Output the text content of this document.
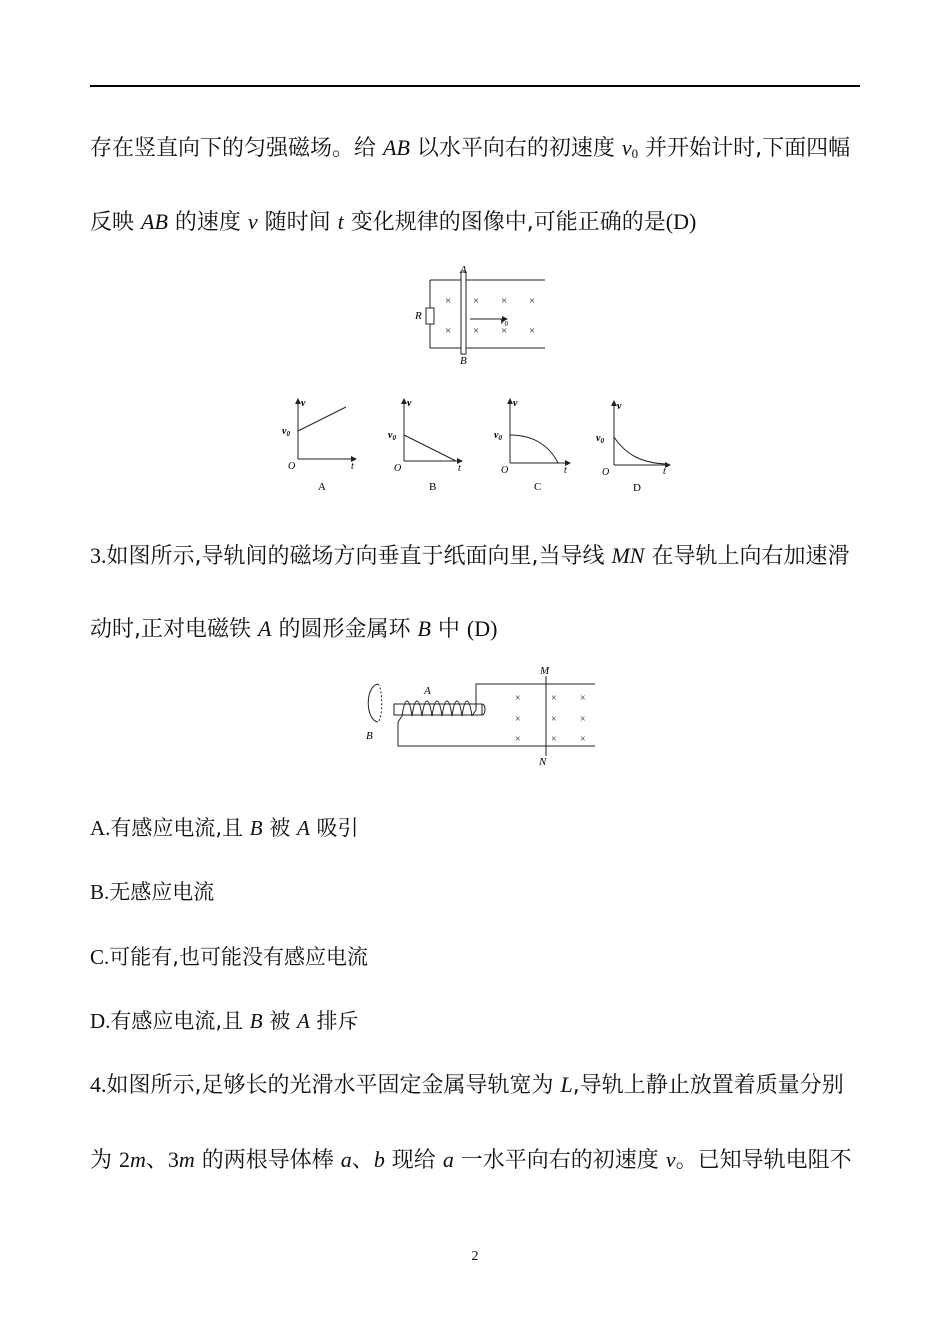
存在竖直向下的匀强磁场。给 AB 以水平向右的初速度 $v_0$ 并开始计时,下面四幅
反映 AB 的速度 v 随时间 t 变化规律的图像中,可能正确的是(D)
A
B
R	$v_0$
×
×
× × ×
× × ×
v
t
O
$v_0$
A
v
t
O
$v_0$
B
v
t
O
$v_0$
C
v
t
O
$v_0$
D
3.如图所示,导轨间的磁场方向垂直于纸面向里,当导线 MN 在导轨上向右加速滑
动时,正对电磁铁 A 的圆形金属环 B 中 (D)
A
B
M
N
×
×
×
×
×
×
×
×
×
A.有感应电流,且 B 被 A 吸引
B.无感应电流
C.可能有,也可能没有感应电流
D.有感应电流,且 B 被 A 排斥
4.如图所示,足够长的光滑水平固定金属导轨宽为 L,导轨上静止放置着质量分别
为 2m、3m 的两根导体棒 a、b 现给 a 一水平向右的初速度 v。已知导轨电阻不
2
